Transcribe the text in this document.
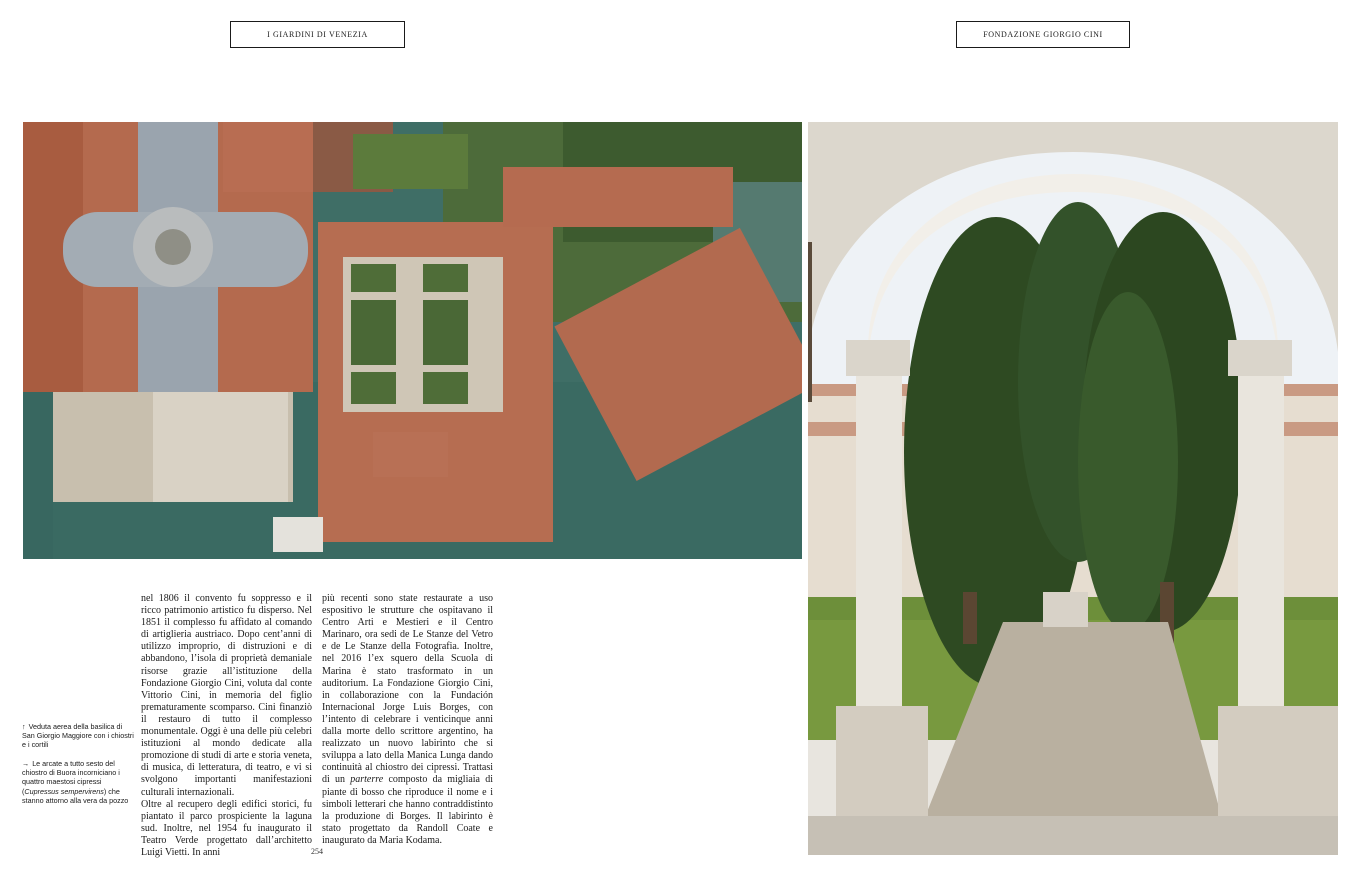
I GIARDINI DI VENEZIA	FONDAZIONE GIORGIO CINI
↑ Veduta aerea della basilica di San Giorgio Maggiore con i chiostri e i cortili
→ Le arcate a tutto sesto del chiostro di Buora incorniciano i quattro maestosi cipressi (Cupressus sempervirens) che stanno attorno alla vera da pozzo

nel 1806 il convento fu soppresso e il ricco patrimonio artistico fu disperso. Nel 1851 il complesso fu affidato al comando di artiglieria austriaco. Dopo cent’anni di utilizzo improprio, di distruzioni e di abbandono, l’isola di proprietà demaniale risorse grazie all’istituzione della Fondazione Giorgio Cini, voluta dal conte Vittorio Cini, in memoria del figlio prematuramente scomparso. Cini finanziò il restauro di tutto il complesso monumentale. Oggi è una delle più celebri istituzioni al mondo dedicate alla promozione di studi di arte e storia veneta, di musica, di letteratura, di teatro, e vi si svolgono importanti manifestazioni culturali internazionali.

Oltre al recupero degli edifici storici, fu piantato il parco prospiciente la laguna sud. Inoltre, nel 1954 fu inaugurato il Teatro Verde progettato dall’architetto Luigi Vietti. In anni

più recenti sono state restaurate a uso espositivo le strutture che ospitavano il Centro Arti e Mestieri e il Centro Marinaro, ora sedi de Le Stanze del Vetro e de Le Stanze della Fotografia. Inoltre, nel 2016 l’ex squero della Scuola di Marina è stato trasformato in un auditorium. La Fondazione Giorgio Cini, in collaborazione con la Fundación Internacional Jorge Luis Borges, con l’intento di celebrare i venticinque anni dalla morte dello scrittore argentino, ha realizzato un nuovo labirinto che si sviluppa a lato della Manica Lunga dando continuità al chiostro dei cipressi. Trattasi di un parterre composto da migliaia di piante di bosso che riproduce il nome e i simboli letterari che hanno contraddistinto la produzione di Borges. Il labirinto è stato progettato da Randoll Coate e inaugurato da Maria Kodama.

254
